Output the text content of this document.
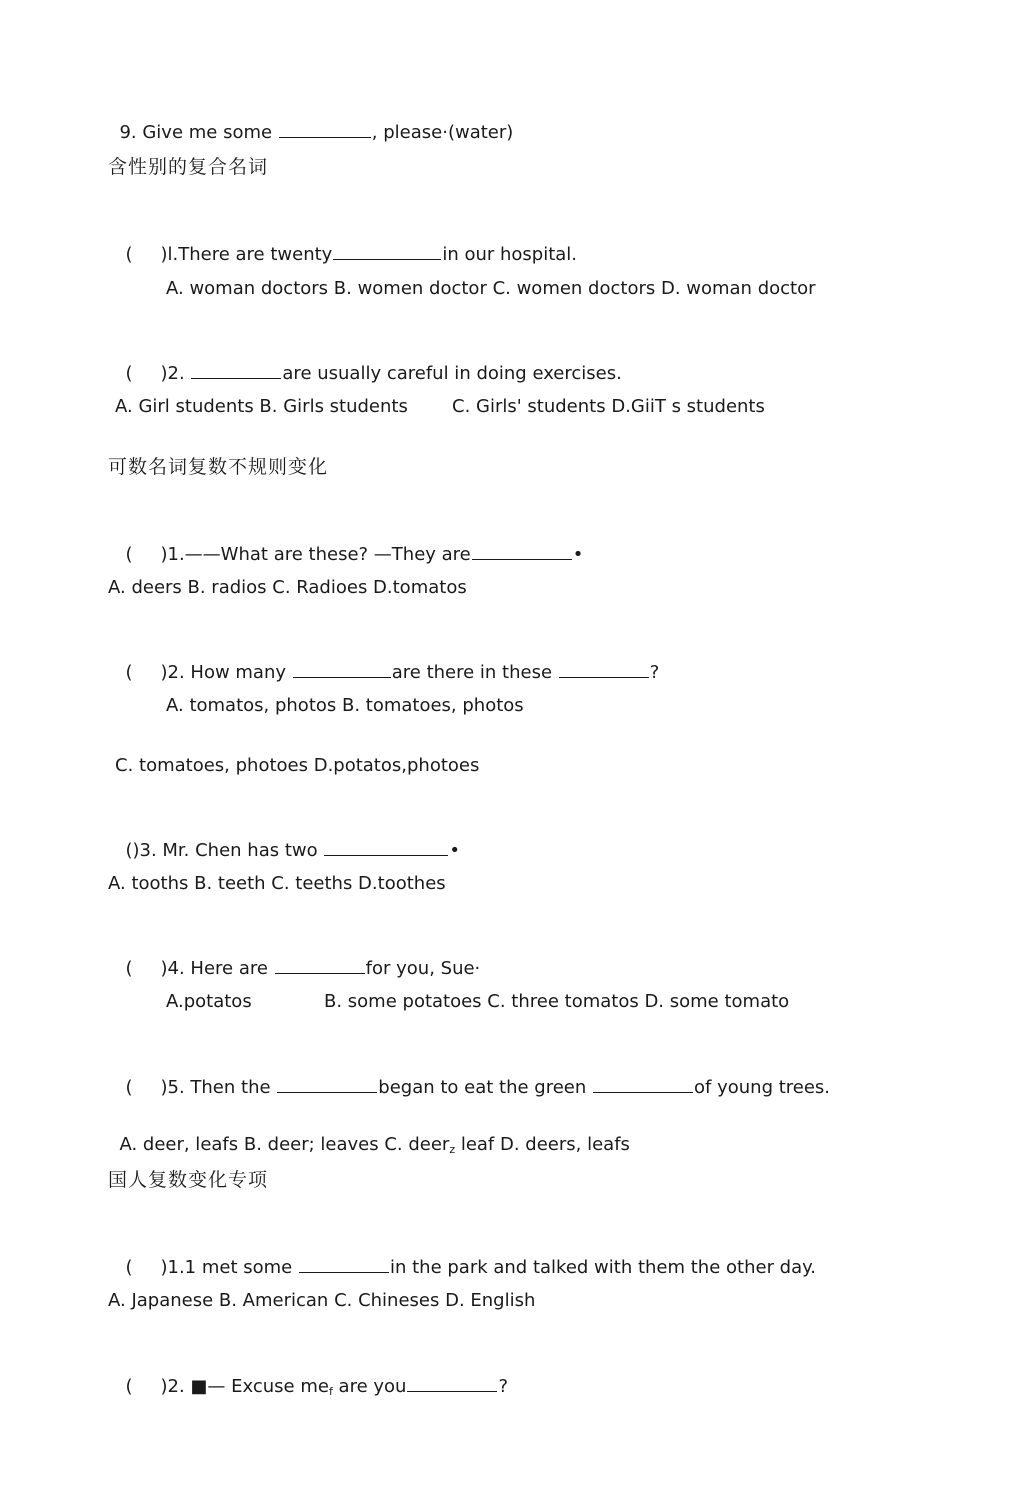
9. Give me some	, please·(water)

含性别的复合名词

( )l.There are twenty	in our hospital.

A. woman doctors B. women doctor C. women doctors D. woman doctor

( )2.	are usually careful in doing exercises.

A. Girl students B. Girls students C. Girls' students D.GiiT s students
可数名词复数不规则变化

( )1.——What are these? —They are	•

A. deers B. radios C. Radioes D.tomatos

( )2. How many	are there in these	?

A. tomatos, photos B. tomatoes, photos
C. tomatoes, photoes D.potatos,photoes

()3. Mr. Chen has two	•

A. tooths B. teeth C. teeths D.toothes

( )4. Here are	for you, Sue·

A.potatos	B. some potatoes C. three tomatos D. some tomato

( )5. Then the	began to eat the green	of young trees.

A. deer, leafs B. deer; leaves C. deer$_z$ leaf D. deers, leafs

国人复数变化专项

( )1.1 met some	in the park and talked with them the other day.

A. Japanese B. American C. Chineses D. English

( )2. ■— Excuse $me_f$ are you	?
